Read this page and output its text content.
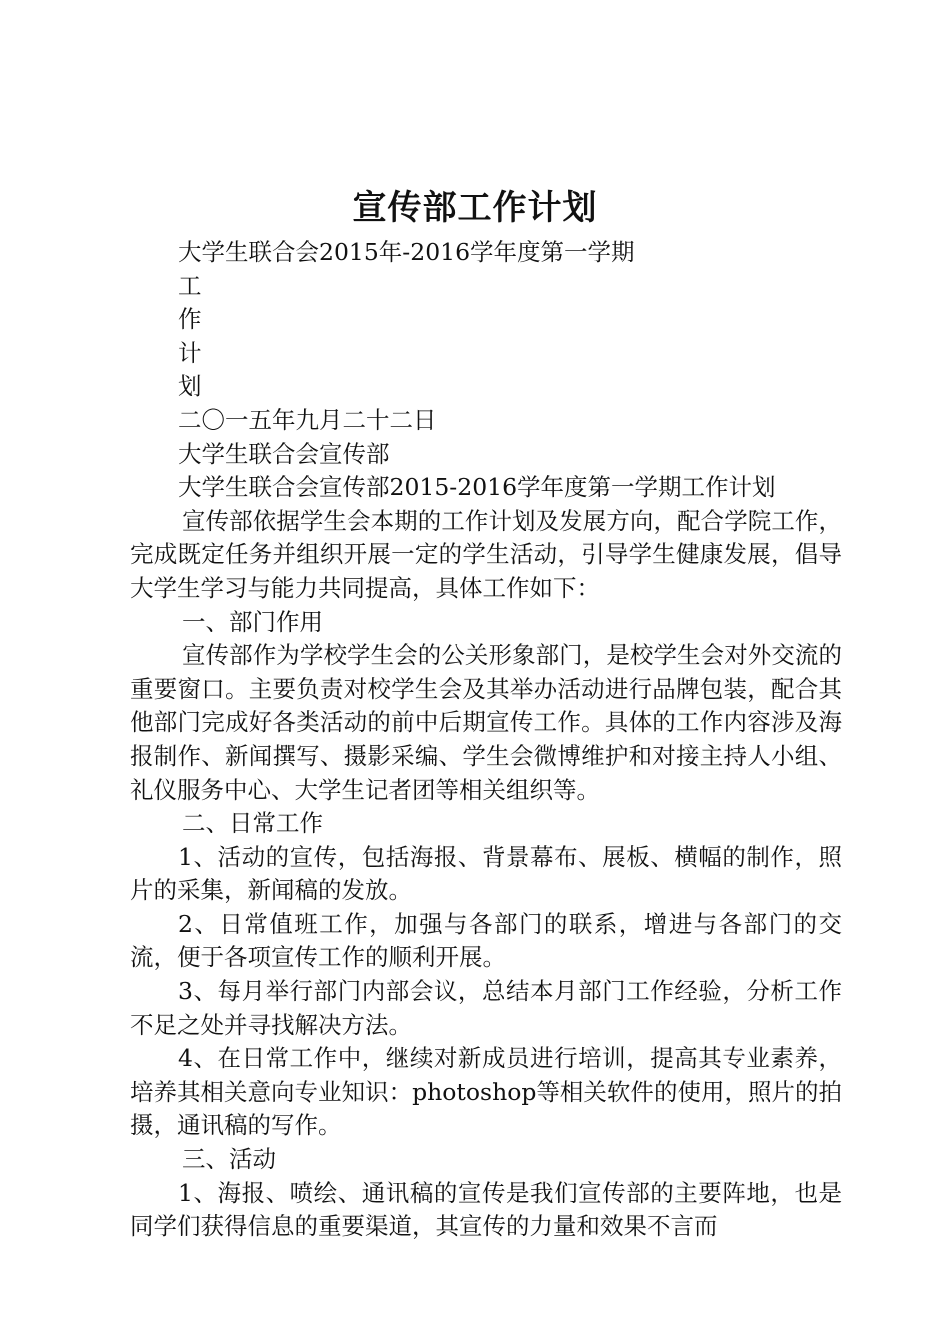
宣传部工作计划
大学生联合会2015年-2016学年度第一学期
工
作
计
划
二〇一五年九月二十二日
大学生联合会宣传部
大学生联合会宣传部2015-2016学年度第一学期工作计划

宣传部依据学生会本期的工作计划及发展方向，配合学院工作，完成既定任务并组织开展一定的学生活动，引导学生健康发展，倡导大学生学习与能力共同提高，具体工作如下：

一、部门作用

宣传部作为学校学生会的公关形象部门，是校学生会对外交流的重要窗口。主要负责对校学生会及其举办活动进行品牌包装，配合其他部门完成好各类活动的前中后期宣传工作。具体的工作内容涉及海报制作、新闻撰写、摄影采编、学生会微博维护和对接主持人小组、礼仪服务中心、大学生记者团等相关组织等。

二、日常工作

1、活动的宣传，包括海报、背景幕布、展板、横幅的制作，照片的采集，新闻稿的发放。

2、日常值班工作，加强与各部门的联系，增进与各部门的交流，便于各项宣传工作的顺利开展。

3、每月举行部门内部会议，总结本月部门工作经验，分析工作不足之处并寻找解决方法。

4、在日常工作中，继续对新成员进行培训，提高其专业素养，培养其相关意向专业知识：photoshop等相关软件的使用，照片的拍摄，通讯稿的写作。

三、活动

1、海报、喷绘、通讯稿的宣传是我们宣传部的主要阵地，也是同学们获得信息的重要渠道，其宣传的力量和效果不言而
